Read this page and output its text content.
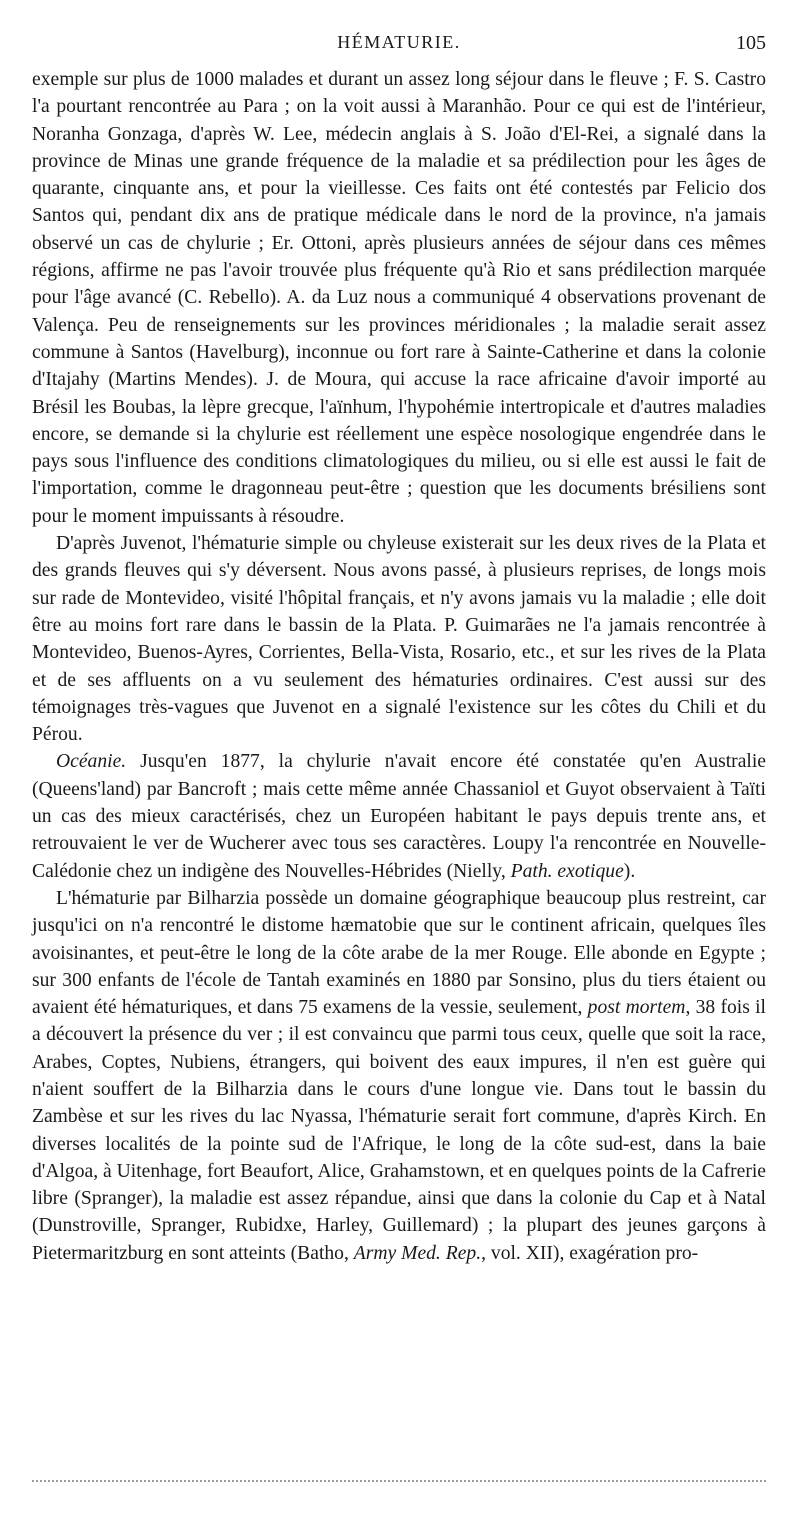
HÉMATURIE.	105

exemple sur plus de 1000 malades et durant un assez long séjour dans le fleuve ; F. S. Castro l'a pourtant rencontrée au Para ; on la voit aussi à Maranhão. Pour ce qui est de l'intérieur, Noranha Gonzaga, d'après W. Lee, médecin anglais à S. João d'El-Rei, a signalé dans la province de Minas une grande fréquence de la maladie et sa prédilection pour les âges de quarante, cinquante ans, et pour la vieillesse. Ces faits ont été contestés par Felicio dos Santos qui, pendant dix ans de pratique médicale dans le nord de la province, n'a jamais observé un cas de chylurie ; Er. Ottoni, après plusieurs années de séjour dans ces mêmes régions, affirme ne pas l'avoir trouvée plus fréquente qu'à Rio et sans prédilection marquée pour l'âge avancé (C. Rebello). A. da Luz nous a communiqué 4 observations provenant de Valença. Peu de renseignements sur les provinces méridionales ; la maladie serait assez commune à Santos (Havelburg), inconnue ou fort rare à Sainte-Catherine et dans la colonie d'Itajahy (Martins Mendes). J. de Moura, qui accuse la race africaine d'avoir importé au Brésil les Boubas, la lèpre grecque, l'aïnhum, l'hypohémie intertropicale et d'autres maladies encore, se demande si la chylurie est réellement une espèce nosologique engendrée dans le pays sous l'influence des conditions climatologiques du milieu, ou si elle est aussi le fait de l'importation, comme le dragonneau peut-être ; question que les documents brésiliens sont pour le moment impuissants à résoudre.

D'après Juvenot, l'hématurie simple ou chyleuse existerait sur les deux rives de la Plata et des grands fleuves qui s'y déversent. Nous avons passé, à plusieurs reprises, de longs mois sur rade de Montevideo, visité l'hôpital français, et n'y avons jamais vu la maladie ; elle doit être au moins fort rare dans le bassin de la Plata. P. Guimarães ne l'a jamais rencontrée à Montevideo, Buenos-Ayres, Corrientes, Bella-Vista, Rosario, etc., et sur les rives de la Plata et de ses affluents on a vu seulement des hématuries ordinaires. C'est aussi sur des témoignages très-vagues que Juvenot en a signalé l'existence sur les côtes du Chili et du Pérou.

Océanie. Jusqu'en 1877, la chylurie n'avait encore été constatée qu'en Australie (Queens'land) par Bancroft ; mais cette même année Chassaniol et Guyot observaient à Taïti un cas des mieux caractérisés, chez un Européen habitant le pays depuis trente ans, et retrouvaient le ver de Wucherer avec tous ses caractères. Loupy l'a rencontrée en Nouvelle-Calédonie chez un indigène des Nouvelles-Hébrides (Nielly, Path. exotique).

L'hématurie par Bilharzia possède un domaine géographique beaucoup plus restreint, car jusqu'ici on n'a rencontré le distome hæmatobie que sur le continent africain, quelques îles avoisinantes, et peut-être le long de la côte arabe de la mer Rouge. Elle abonde en Egypte ; sur 300 enfants de l'école de Tantah examinés en 1880 par Sonsino, plus du tiers étaient ou avaient été hématuriques, et dans 75 examens de la vessie, seulement, post mortem, 38 fois il a découvert la présence du ver ; il est convaincu que parmi tous ceux, quelle que soit la race, Arabes, Coptes, Nubiens, étrangers, qui boivent des eaux impures, il n'en est guère qui n'aient souffert de la Bilharzia dans le cours d'une longue vie. Dans tout le bassin du Zambèse et sur les rives du lac Nyassa, l'hématurie serait fort commune, d'après Kirch. En diverses localités de la pointe sud de l'Afrique, le long de la côte sud-est, dans la baie d'Algoa, à Uitenhage, fort Beaufort, Alice, Grahamstown, et en quelques points de la Cafrerie libre (Spranger), la maladie est assez répandue, ainsi que dans la colonie du Cap et à Natal (Dunstroville, Spranger, Rubidxe, Harley, Guillemard) ; la plupart des jeunes garçons à Pietermaritzburg en sont atteints (Batho, Army Med. Rep., vol. XII), exagération pro-
